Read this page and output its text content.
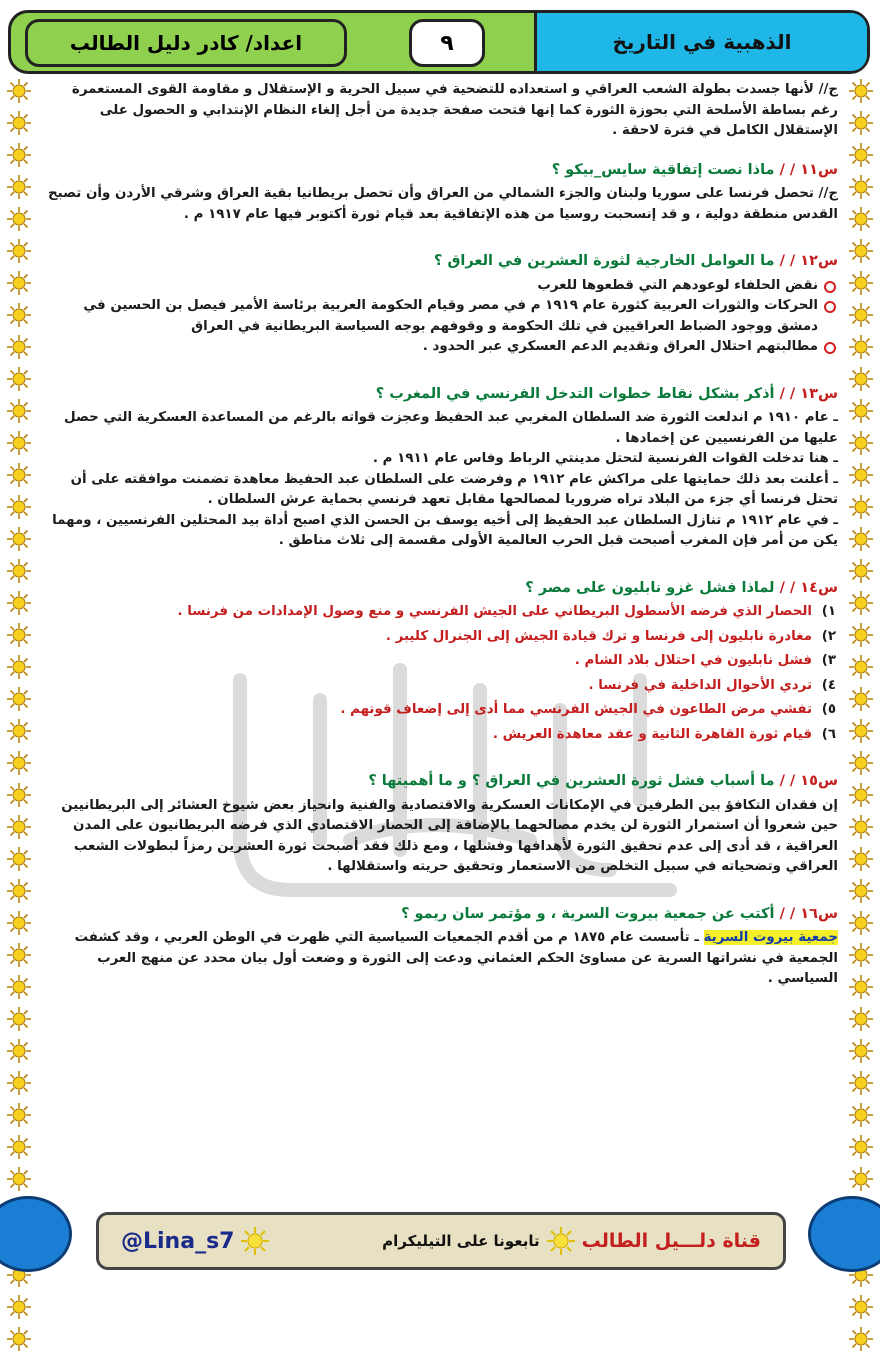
الذهبية في التاريخ
٩
اعداد/ كادر دليل الطالب

ج// لأنها جسدت بطولة الشعب العراقي و استعداده للتضحية في سبيل الحرية و الإستقلال و مقاومة القوى المستعمرة رغم بساطة الأسلحة التي بحوزة الثورة كما إنها فتحت صفحة جديدة من أجل إلغاء النظام الإنتدابي و الحصول على الإستقلال الكامل في فترة لاحقة .

س١١ / / ماذا نصت إتفاقية سايس_بيكو ؟

ج// تحصل فرنسا على سوريا ولبنان والجزء الشمالي من العراق وأن تحصل بريطانيا بقية العراق وشرقي الأردن وأن تصبح القدس منطقة دولية ، و قد إنسحبت روسيا من هذه الإتفاقية بعد قيام ثورة أكتوبر فيها عام ١٩١٧ م .

س١٢ / / ما العوامل الخارجية لثورة العشرين في العراق ؟
نقض الحلفاء لوعودهم التي قطعوها للعرب
الحركات والثورات العربية كثورة عام ١٩١٩ م في مصر وقيام الحكومة العربية برئاسة الأمير فيصل بن الحسين في دمشق ووجود الضباط العراقيين في تلك الحكومة و وقوفهم بوجه السياسة البريطانية في العراق
مطالبتهم احتلال العراق وتقديم الدعم العسكري عبر الحدود .
س١٣ / / أذكر بشكل نقاط خطوات التدخل الفرنسي في المغرب ؟

ـ عام ١٩١٠ م اندلعت الثورة ضد السلطان المغربي عبد الحفيظ وعجزت قواته بالرغم من المساعدة العسكرية التي حصل عليها من الفرنسيين عن إخمادها .

ـ هنا تدخلت القوات الفرنسية لتحتل مدينتي الرباط وفاس عام ١٩١١ م .

ـ أعلنت بعد ذلك حمايتها على مراكش عام ١٩١٢ م وفرضت على السلطان عبد الحفيظ معاهدة تضمنت موافقته على أن تحتل فرنسا أي جزء من البلاد تراه ضروريا لمصالحها مقابل تعهد فرنسي بحماية عرش السلطان .

ـ في عام ١٩١٢ م تنازل السلطان عبد الحفيظ إلى أخيه يوسف بن الحسن الذي اصبح أداة بيد المحتلين الفرنسيين ، ومهما يكن من أمر فإن المغرب أصبحت قبل الحرب العالمية الأولى مقسمة إلى ثلاث مناطق .

س١٤ / / لماذا فشل غزو نابليون على مصر ؟
١)
الحصار الذي فرضه الأسطول البريطاني على الجيش الفرنسي و منع وصول الإمدادات من فرنسا .
٢)
مغادرة نابليون إلى فرنسا و ترك قيادة الجيش إلى الجنرال كليبر .
٣)
فشل نابليون في احتلال بلاد الشام .
٤)
تردي الأحوال الداخلية في فرنسا .
٥)
تفشي مرض الطاعون في الجيش الفرنسي مما أدى إلى إضعاف قوتهم .
٦)
قيام ثورة القاهرة الثانية و عقد معاهدة العريش .
س١٥ / / ما أسباب فشل ثورة العشرين في العراق ؟ و ما أهميتها ؟

إن فقدان التكافؤ بين الطرفين في الإمكانات العسكرية والاقتصادية والفنية وانحياز بعض شيوخ العشائر إلى البريطانيين حين شعروا أن استمرار الثورة لن يخدم مصالحهما بالإضافة إلى الحصار الاقتصادي الذي فرضه البريطانيون على المدن العراقية ، قد أدى إلى عدم تحقيق الثورة لأهدافها وفشلها ، ومع ذلك فقد أصبحت ثورة العشرين رمزاً لبطولات الشعب العراقي وتضحياته في سبيل التخلص من الاستعمار وتحقيق حريته واستقلالها .

س١٦ / / أكتب عن جمعية بيروت السرية ، و مؤتمر سان ريمو ؟

جمعية بيروت السرية ـ تأسست عام ١٨٧٥ م من أقدم الجمعيات السياسية التي ظهرت في الوطن العربي ، وقد كشفت الجمعية في نشراتها السرية عن مساوئ الحكم العثماني ودعت إلى الثورة و وضعت أول بيان محدد عن منهج العرب السياسي .

قناة دلـــيل الطالب
تابعونا على التيليكرام
@Lina_s7
